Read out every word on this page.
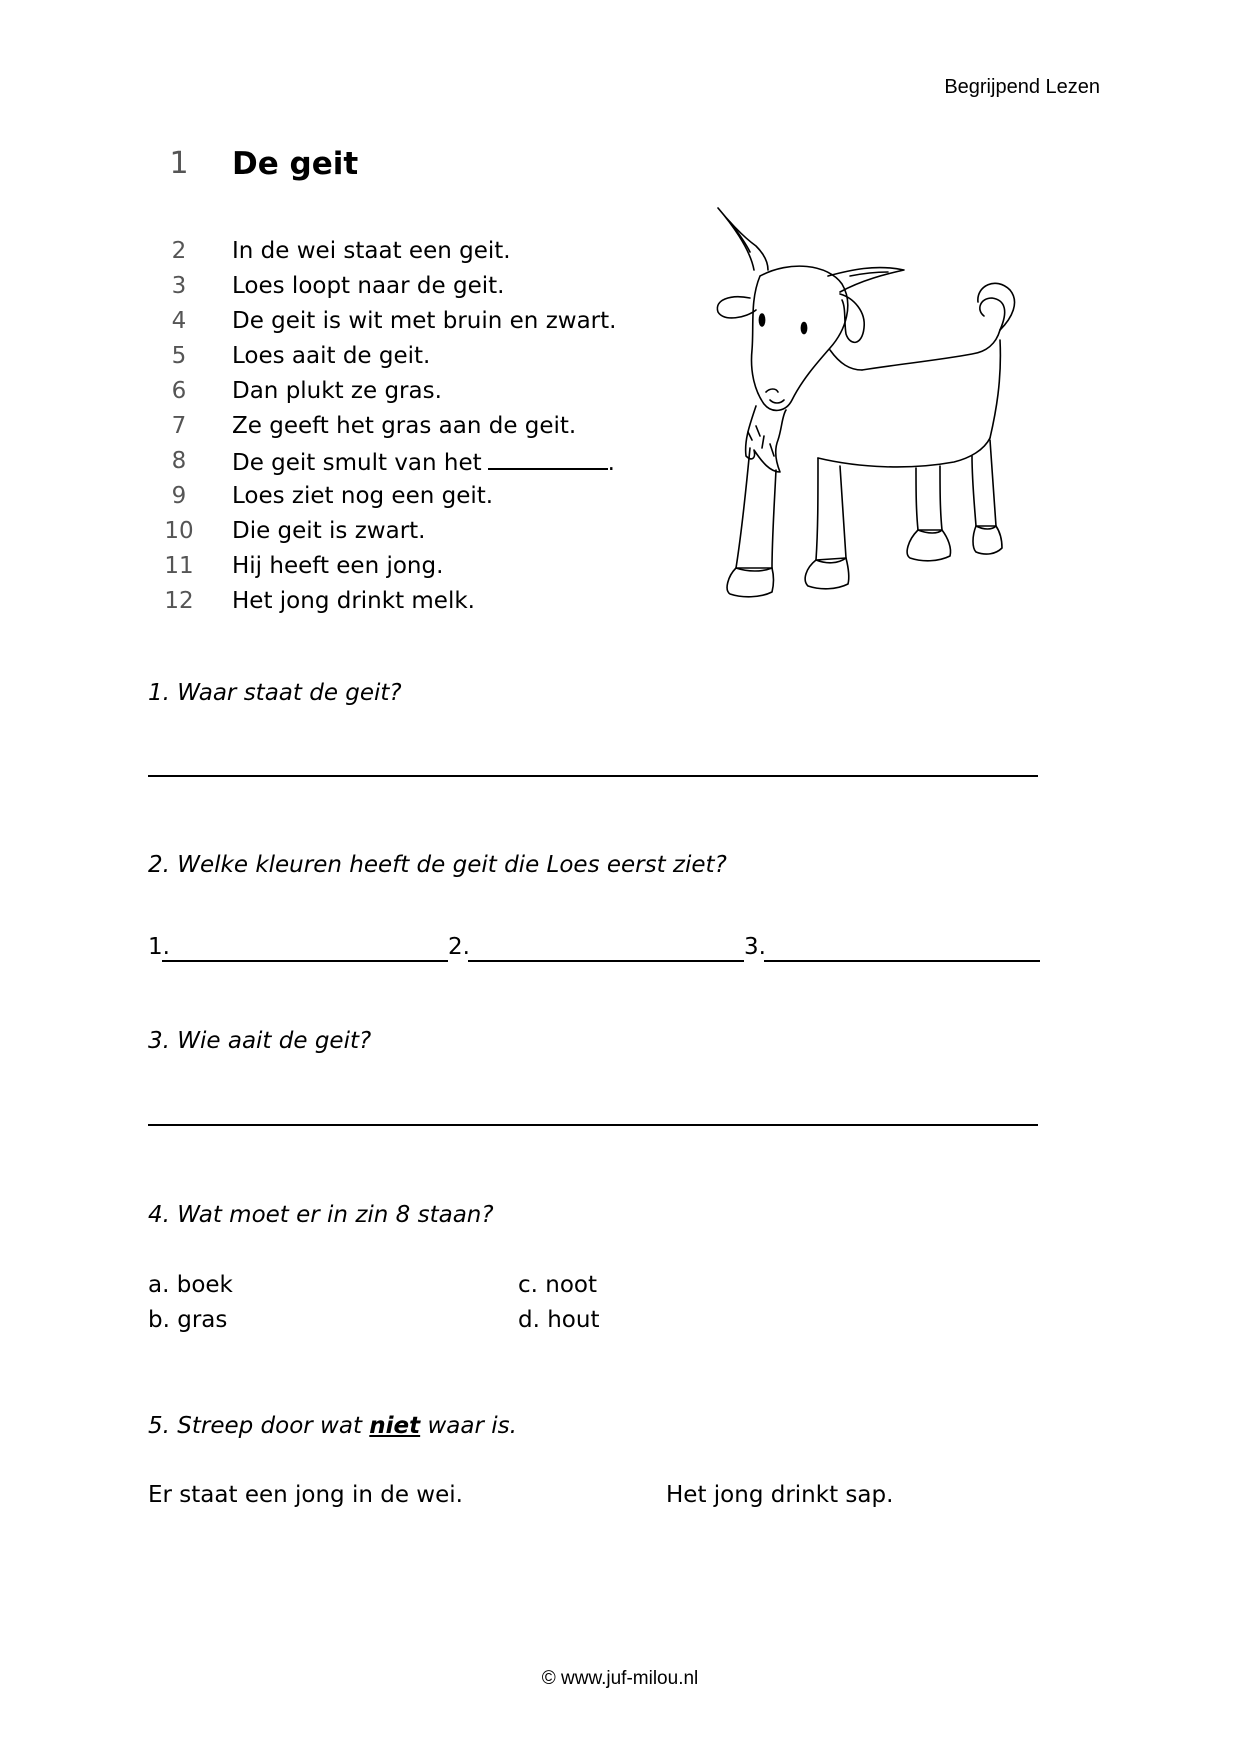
Begrijpend Lezen
1 De geit
2	In de wei staat een geit.
3	Loes loopt naar de geit.
4	De geit is wit met bruin en zwart.
5	Loes aait de geit.
6	Dan plukt ze gras.
7	Ze geeft het gras aan de geit.
8	De geit smult van het	.
9	Loes ziet nog een geit.
10 Die geit is zwart.
11 Hij heeft een jong.
12 Het jong drinkt melk.
1. Waar staat de geit?
2. Welke kleuren heeft de geit die Loes eerst ziet?
1.	2.	3.
3. Wie aait de geit?
4. Wat moet er in zin 8 staan?
a. boek
b. gras
c. noot
d. hout
5. Streep door wat niet waar is.
Er staat een jong in de wei.	Het jong drinkt sap.
© www.juf-milou.nl
